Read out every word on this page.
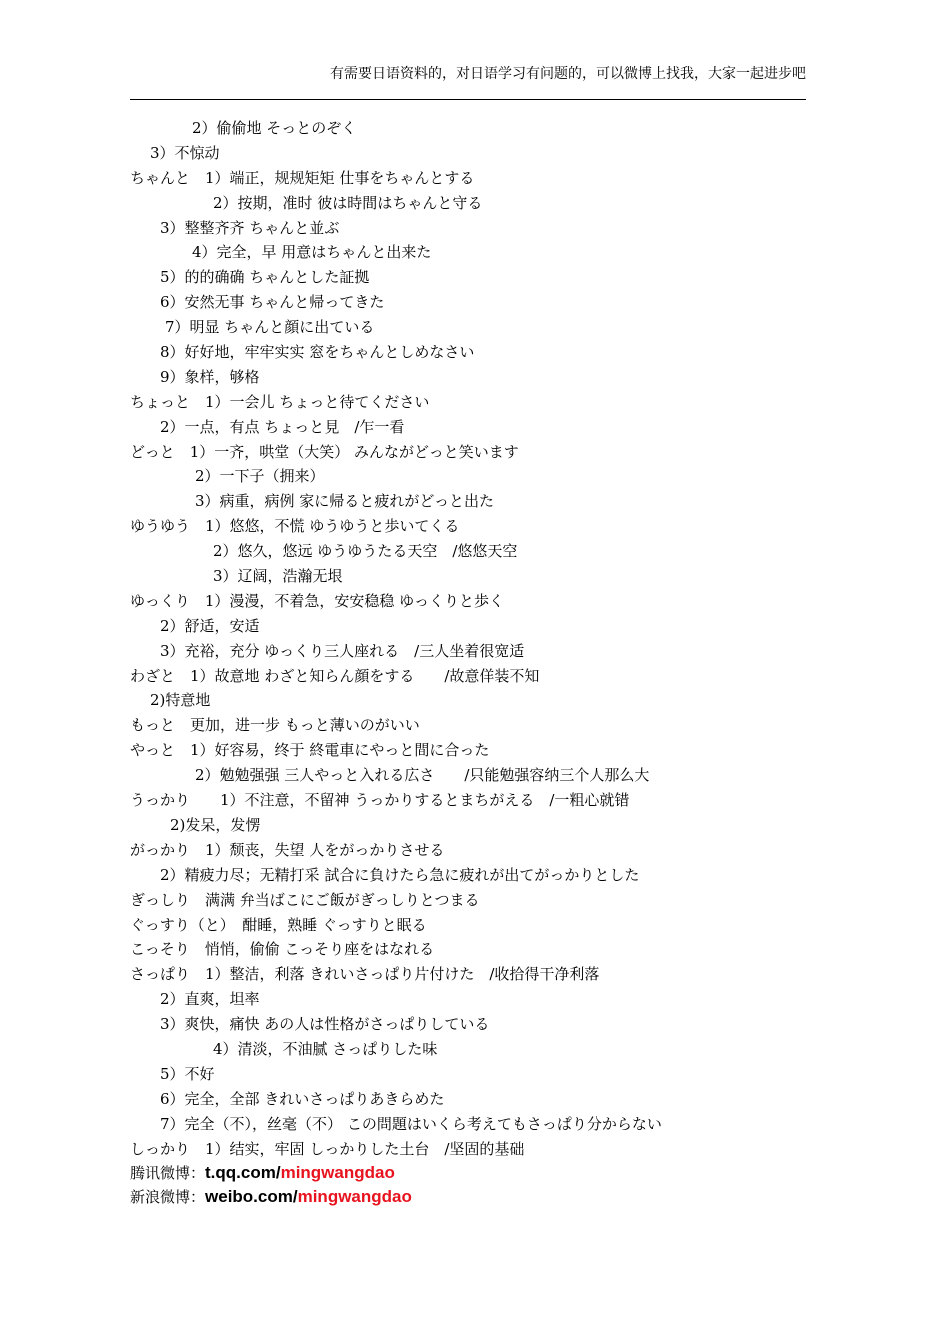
有需要日语资料的，对日语学习有问题的，可以微博上找我，大家一起进步吧
2）偷偷地 そっとのぞく
3）不惊动
ちゃんと　1）端正，规规矩矩 仕事をちゃんとする
2）按期，准时 彼は時間はちゃんと守る
3）整整齐齐 ちゃんと並ぶ
4）完全，早 用意はちゃんと出来た
5）的的确确 ちゃんとした証拠
6）安然无事 ちゃんと帰ってきた
7）明显 ちゃんと顔に出ている
8）好好地，牢牢实实 窓をちゃんとしめなさい
9）象样，够格
ちょっと　1）一会儿 ちょっと待てください
2）一点，有点 ちょっと見　/乍一看
どっと　1）一齐，哄堂（大笑） みんながどっと笑います
2）一下子（拥来）
3）病重，病例 家に帰ると疲れがどっと出た
ゆうゆう　1）悠悠，不慌 ゆうゆうと歩いてくる
2）悠久，悠远 ゆうゆうたる天空　/悠悠天空
3）辽阔，浩瀚无垠
ゆっくり　1）漫漫，不着急，安安稳稳 ゆっくりと歩く
2）舒适，安适
3）充裕，充分 ゆっくり三人座れる　/三人坐着很宽适
わざと　1）故意地 わざと知らん顔をする　　/故意佯装不知
2)特意地
もっと　更加，进一步 もっと薄いのがいい
やっと　1）好容易，终于 終電車にやっと間に合った
2）勉勉强强 三人やっと入れる広さ　　/只能勉强容纳三个人那么大
うっかり　　1）不注意，不留神 うっかりするとまちがえる　/一粗心就错
2)发呆，发愣
がっかり　1）颓丧，失望 人をがっかりさせる
2）精疲力尽；无精打采 試合に負けたら急に疲れが出てがっかりとした
ぎっしり　满满 弁当ばこにご飯がぎっしりとつまる
ぐっすり（と）　酣睡，熟睡 ぐっすりと眠る
こっそり　悄悄，偷偷 こっそり座をはなれる
さっぱり　1）整洁，利落 きれいさっぱり片付けた　/收拾得干净利落
2）直爽，坦率
3）爽快，痛快 あの人は性格がさっぱりしている
4）清淡，不油腻 さっぱりした味
5）不好
6）完全，全部 きれいさっぱりあきらめた
7）完全（不），丝毫（不） この問題はいくら考えてもさっぱり分からない
しっかり　1）结实，牢固 しっかりした土台　/坚固的基础
腾讯微博：t.qq.com/mingwangdao
新浪微博：weibo.com/mingwangdao
